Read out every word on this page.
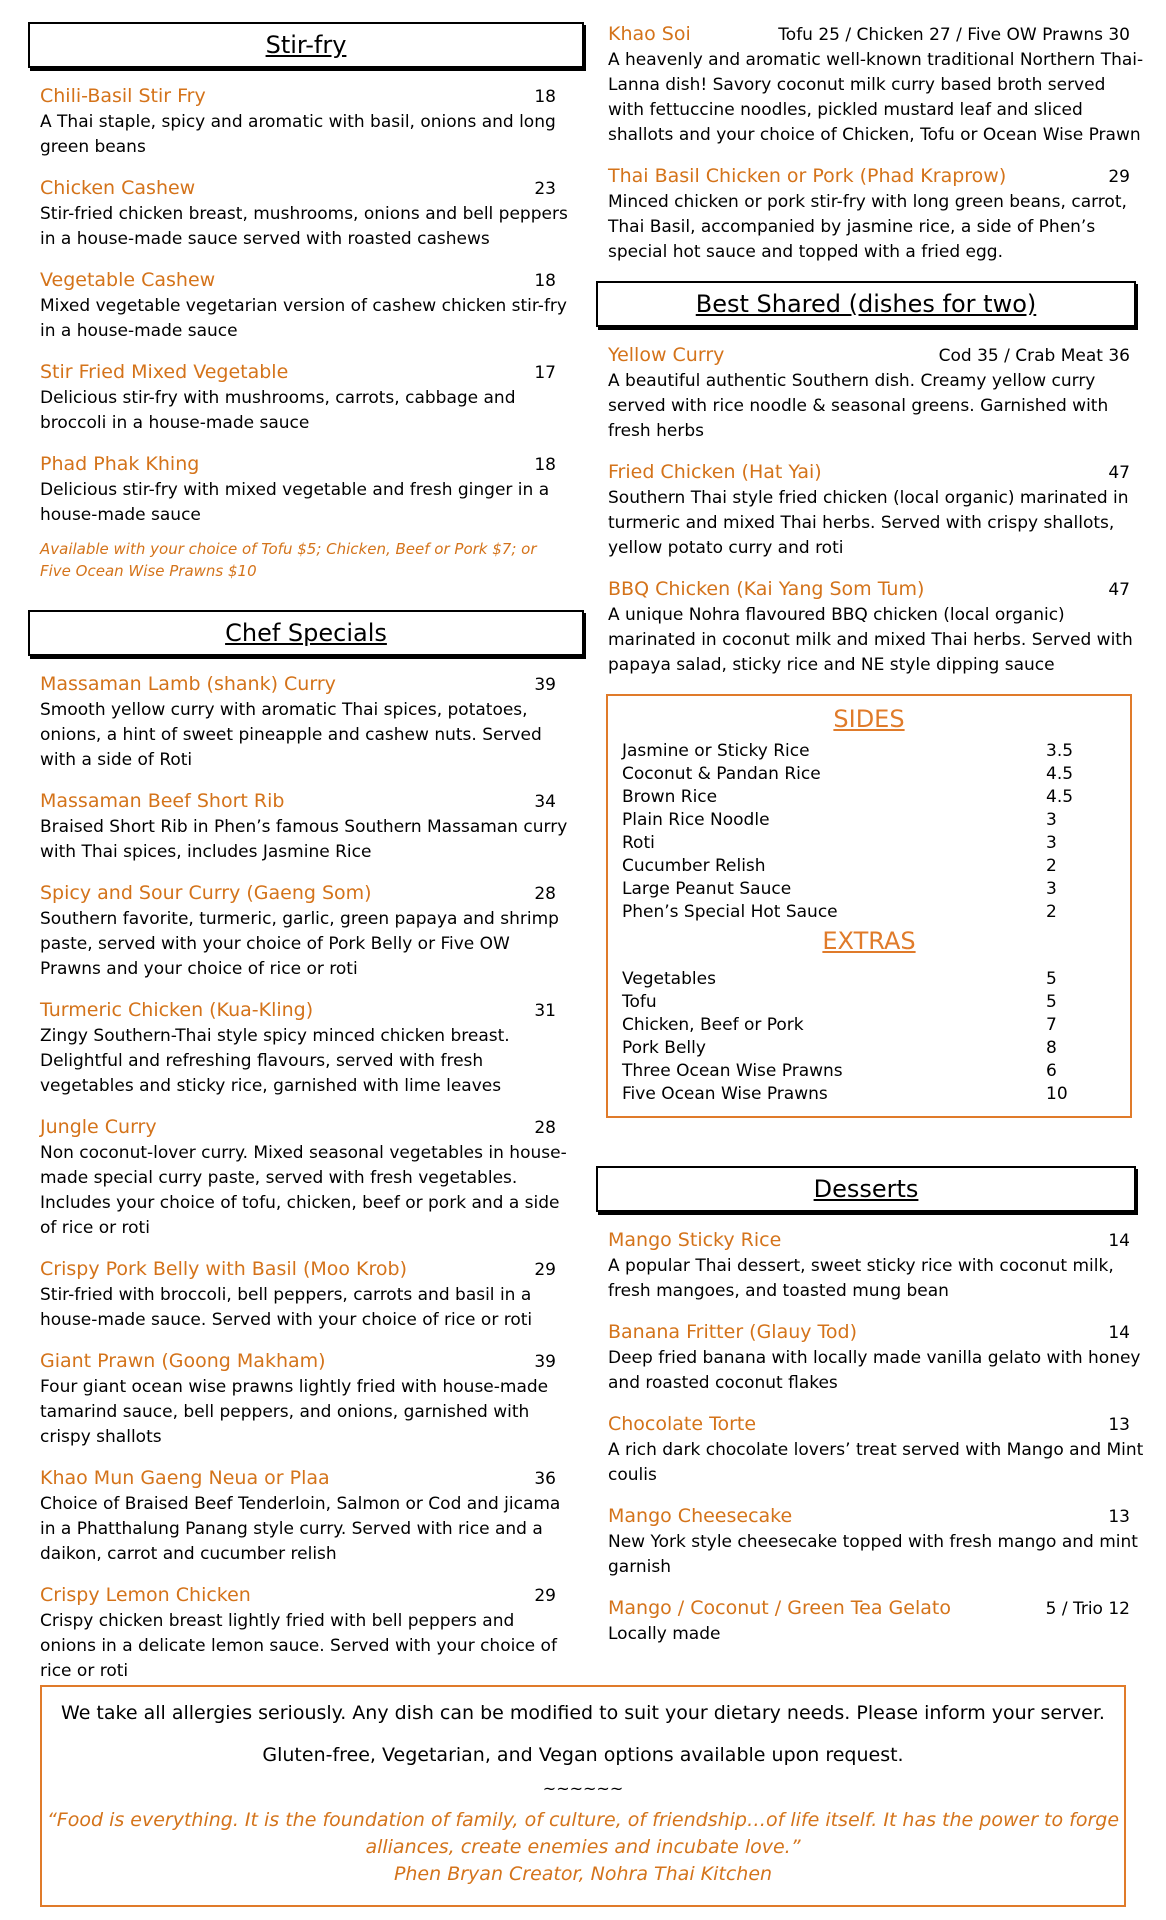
Stir-fry
Chili-Basil Stir Fry	18
A Thai staple, spicy and aromatic with basil, onions and long green beans
Chicken Cashew	23
Stir-fried chicken breast, mushrooms, onions and bell peppers in a house-made sauce served with roasted cashews
Vegetable Cashew	18
Mixed vegetable vegetarian version of cashew chicken stir-fry in a house-made sauce
Stir Fried Mixed Vegetable	17
Delicious stir-fry with mushrooms, carrots, cabbage and broccoli in a house-made sauce
Phad Phak Khing	18
Delicious stir-fry with mixed vegetable and fresh ginger in a house-made sauce
Available with your choice of Tofu $5; Chicken, Beef or Pork $7; or Five Ocean Wise Prawns $10
Chef Specials
Massaman Lamb (shank) Curry	39
Smooth yellow curry with aromatic Thai spices, potatoes, onions, a hint of sweet pineapple and cashew nuts. Served with a side of Roti
Massaman Beef Short Rib	34
Braised Short Rib in Phen’s famous Southern Massaman curry with Thai spices, includes Jasmine Rice
Spicy and Sour Curry (Gaeng Som)	28
Southern favorite, turmeric, garlic, green papaya and shrimp paste, served with your choice of Pork Belly or Five OW Prawns and your choice of rice or roti
Turmeric Chicken (Kua-Kling)	31
Zingy Southern-Thai style spicy minced chicken breast. Delightful and refreshing flavours, served with fresh vegetables and sticky rice, garnished with lime leaves
Jungle Curry	28
Non coconut-lover curry. Mixed seasonal vegetables in house-made special curry paste, served with fresh vegetables. Includes your choice of tofu, chicken, beef or pork and a side of rice or roti
Crispy Pork Belly with Basil (Moo Krob)	29
Stir-fried with broccoli, bell peppers, carrots and basil in a house-made sauce. Served with your choice of rice or roti
Giant Prawn (Goong Makham)	39
Four giant ocean wise prawns lightly fried with house-made tamarind sauce, bell peppers, and onions, garnished with crispy shallots
Khao Mun Gaeng Neua or Plaa	36
Choice of Braised Beef Tenderloin, Salmon or Cod and jicama in a Phatthalung Panang style curry. Served with rice and a daikon, carrot and cucumber relish
Crispy Lemon Chicken	29
Crispy chicken breast lightly fried with bell peppers and onions in a delicate lemon sauce. Served with your choice of rice or roti
Khao Soi	Tofu 25 / Chicken 27 / Five OW Prawns 30
A heavenly and aromatic well-known traditional Northern Thai-Lanna dish! Savory coconut milk curry based broth served with fettuccine noodles, pickled mustard leaf and sliced shallots and your choice of Chicken, Tofu or Ocean Wise Prawn
Thai Basil Chicken or Pork (Phad Kraprow)	29
Minced chicken or pork stir-fry with long green beans, carrot, Thai Basil, accompanied by jasmine rice, a side of Phen’s special hot sauce and topped with a fried egg.
Best Shared (dishes for two)
Yellow Curry	Cod 35 / Crab Meat 36
A beautiful authentic Southern dish. Creamy yellow curry served with rice noodle & seasonal greens. Garnished with fresh herbs
Fried Chicken (Hat Yai)	47
Southern Thai style fried chicken (local organic) marinated in turmeric and mixed Thai herbs. Served with crispy shallots, yellow potato curry and roti
BBQ Chicken (Kai Yang Som Tum)	47
A unique Nohra flavoured BBQ chicken (local organic) marinated in coconut milk and mixed Thai herbs. Served with papaya salad, sticky rice and NE style dipping sauce
SIDES
Jasmine or Sticky Rice	3.5
Coconut & Pandan Rice	4.5
Brown Rice	4.5
Plain Rice Noodle	3
Roti	3
Cucumber Relish	2
Large Peanut Sauce	3
Phen’s Special Hot Sauce	2
EXTRAS
Vegetables	5
Tofu	5
Chicken, Beef or Pork	7
Pork Belly	8
Three Ocean Wise Prawns	6
Five Ocean Wise Prawns	10
Desserts
Mango Sticky Rice	14
A popular Thai dessert, sweet sticky rice with coconut milk, fresh mangoes, and toasted mung bean
Banana Fritter (Glauy Tod)	14
Deep fried banana with locally made vanilla gelato with honey and roasted coconut flakes
Chocolate Torte	13
A rich dark chocolate lovers’ treat served with Mango and Mint coulis
Mango Cheesecake	13
New York style cheesecake topped with fresh mango and mint garnish
Mango / Coconut / Green Tea Gelato	5 / Trio 12
Locally made
We take all allergies seriously. Any dish can be modified to suit your dietary needs. Please inform your server.
Gluten-free, Vegetarian, and Vegan options available upon request.
~~~~~~
“Food is everything. It is the foundation of family, of culture, of friendship…of life itself. It has the power to forge alliances, create enemies and incubate love.”
Phen Bryan Creator, Nohra Thai Kitchen
